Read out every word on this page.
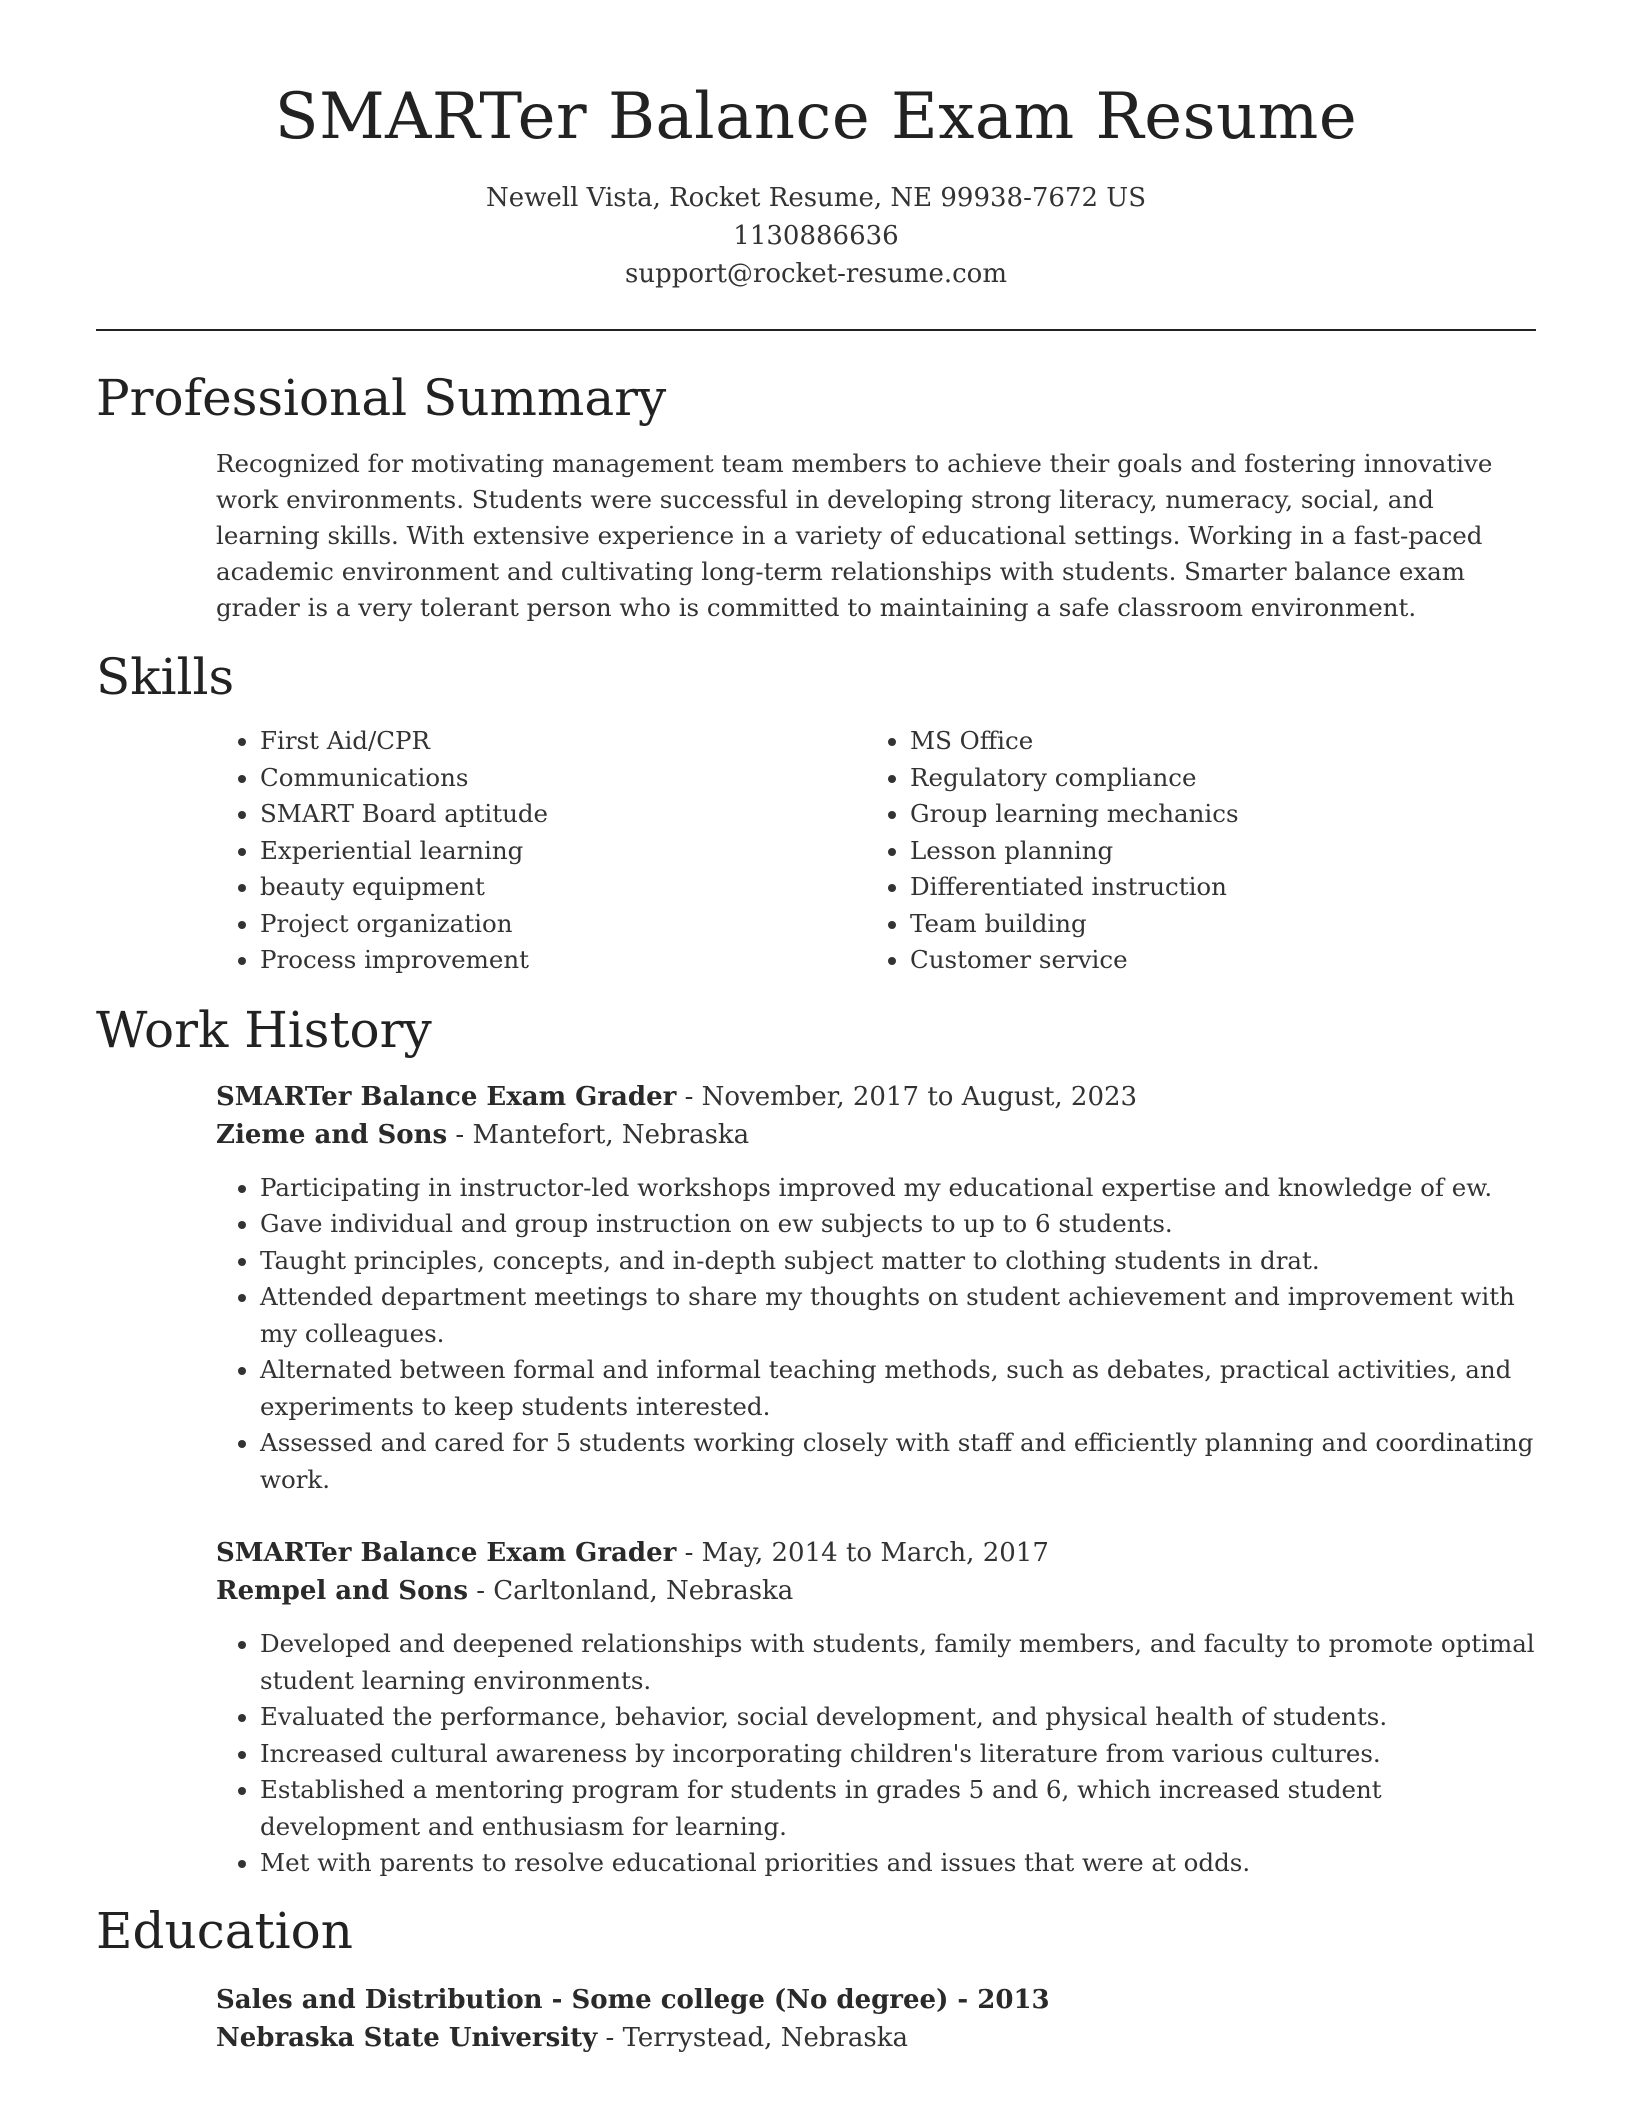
SMARTer Balance Exam Resume
Newell Vista, Rocket Resume, NE 99938-7672 US
1130886636
support@rocket-resume.com
Professional Summary
Recognized for motivating management team members to achieve their goals and fostering innovative work environments. Students were successful in developing strong literacy, numeracy, social, and learning skills. With extensive experience in a variety of educational settings. Working in a fast-paced academic environment and cultivating long-term relationships with students. Smarter balance exam grader is a very tolerant person who is committed to maintaining a safe classroom environment.
Skills
• First Aid/CPR
• Communications
• SMART Board aptitude
• Experiential learning
• beauty equipment
• Project organization
• Process improvement
• MS Office
• Regulatory compliance
• Group learning mechanics
• Lesson planning
• Differentiated instruction
• Team building
• Customer service
Work History
SMARTer Balance Exam Grader - November, 2017 to August, 2023
Zieme and Sons - Mantefort, Nebraska
• Participating in instructor-led workshops improved my educational expertise and knowledge of ew.
• Gave individual and group instruction on ew subjects to up to 6 students.
• Taught principles, concepts, and in-depth subject matter to clothing students in drat.
• Attended department meetings to share my thoughts on student achievement and improvement with my colleagues.
• Alternated between formal and informal teaching methods, such as debates, practical activities, and experiments to keep students interested.
• Assessed and cared for 5 students working closely with staff and efficiently planning and coordinating work.
SMARTer Balance Exam Grader - May, 2014 to March, 2017
Rempel and Sons - Carltonland, Nebraska
• Developed and deepened relationships with students, family members, and faculty to promote optimal student learning environments.
• Evaluated the performance, behavior, social development, and physical health of students.
• Increased cultural awareness by incorporating children's literature from various cultures.
• Established a mentoring program for students in grades 5 and 6, which increased student development and enthusiasm for learning.
• Met with parents to resolve educational priorities and issues that were at odds.
Education
Sales and Distribution - Some college (No degree) - 2013
Nebraska State University - Terrystead, Nebraska
